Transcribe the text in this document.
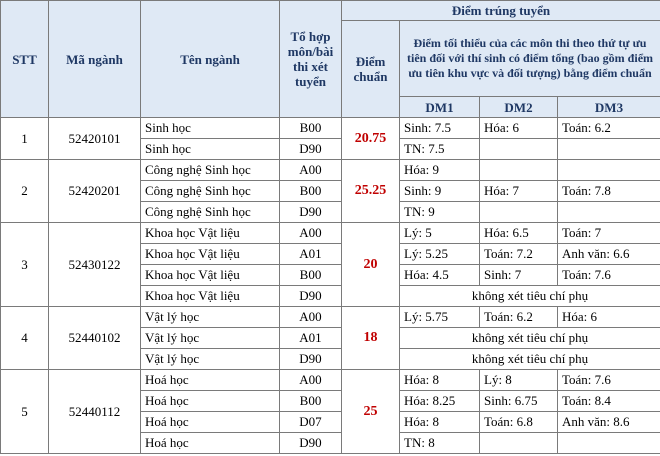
STT	Mã ngành	Tên ngành	Tổ hợp môn/bài thi xét tuyển	Điểm trúng tuyển			
				Điểm chuẩn	Điểm tối thiểu của các môn thi theo thứ tự ưu tiên đối với thí sinh có điểm tổng (bao gồm điểm ưu tiên khu vực và đối tượng) bằng điểm chuẩn		
					DM1	DM2	DM3
1	52420101	Sinh học	B00	20.75	Sinh: 7.5	Hóa: 6	Toán: 6.2
		Sinh học	D90		TN: 7.5		
2	52420201	Công nghệ Sinh học	A00	25.25	Hóa: 9		
		Công nghệ Sinh học	B00		Sinh: 9	Hóa: 7	Toán: 7.8
		Công nghệ Sinh học	D90		TN: 9		
3	52430122	Khoa học Vật liệu	A00	20	Lý: 5	Hóa: 6.5	Toán: 7
		Khoa học Vật liệu	A01		Lý: 5.25	Toán: 7.2	Anh văn: 6.6
		Khoa học Vật liệu	B00		Hóa: 4.5	Sinh: 7	Toán: 7.6
		Khoa học Vật liệu	D90		không xét tiêu chí phụ		
4	52440102	Vật lý học	A00	18	Lý: 5.75	Toán: 6.2	Hóa: 6
		Vật lý học	A01		không xét tiêu chí phụ		
		Vật lý học	D90		không xét tiêu chí phụ		
5	52440112	Hoá học	A00	25	Hóa: 8	Lý: 8	Toán: 7.6
		Hoá học	B00		Hóa: 8.25	Sinh: 6.75	Toán: 8.4
		Hoá học	D07		Hóa: 8	Toán: 6.8	Anh văn: 8.6
		Hoá học	D90		TN: 8		
